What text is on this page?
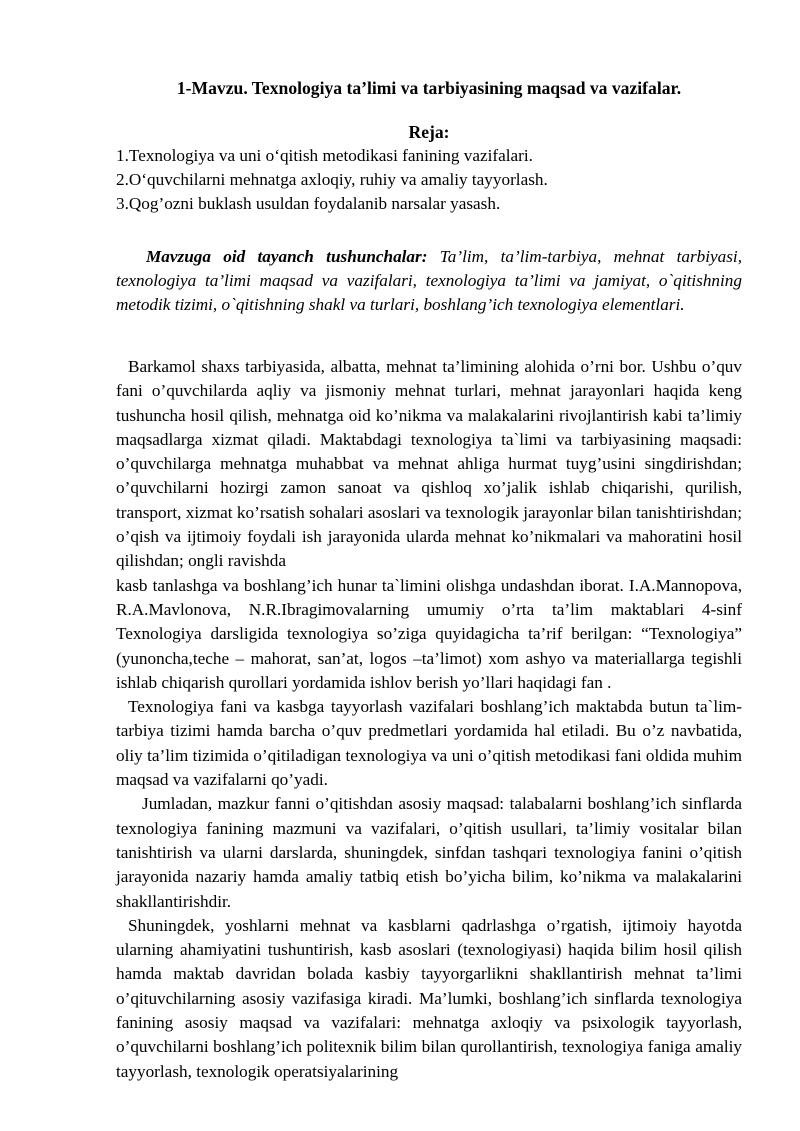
1-Mavzu. Texnologiya ta’limi va tarbiyasining maqsad va vazifalar.
Reja:

1.Texnologiya va uni o‘qitish metodikasi fanining vazifalari.

2.O‘quvchilarni mehnatga axloqiy, ruhiy va amaliy tayyorlash.

3.Qog’ozni buklash usuldan foydalanib narsalar yasash.

Mavzuga oid tayanch tushunchalar: Ta’lim, ta’lim-tarbiya, mehnat tarbiyasi, texnologiya ta’limi maqsad va vazifalari, texnologiya ta’limi va jamiyat, o`qitishning metodik tizimi, o`qitishning shakl va turlari, boshlang’ich texnologiya elementlari.

Barkamol shaxs tarbiyasida, albatta, mehnat ta’limining alohida o’rni bor. Ushbu o’quv fani o’quvchilarda aqliy va jismoniy mehnat turlari, mehnat jarayonlari haqida keng tushuncha hosil qilish, mehnatga oid ko’nikma va malakalarini rivojlantirish kabi ta’limiy maqsadlarga xizmat qiladi. Maktabdagi texnologiya ta`limi va tarbiyasining maqsadi: o’quvchilarga mehnatga muhabbat va mehnat ahliga hurmat tuyg’usini singdirishdan; o’quvchilarni hozirgi zamon sanoat va qishloq xo’jalik ishlab chiqarishi, qurilish, transport, xizmat ko’rsatish sohalari asoslari va texnologik jarayonlar bilan tanishtirishdan; o’qish va ijtimoiy foydali ish jarayonida ularda mehnat ko’nikmalari va mahoratini hosil qilishdan; ongli ravishda

kasb tanlashga va boshlang’ich hunar ta`limini olishga undashdan iborat. I.A.Mannopova, R.A.Mavlonova, N.R.Ibragimovalarning umumiy o’rta ta’lim maktablari 4-sinf Texnologiya darsligida texnologiya so’ziga quyidagicha ta’rif berilgan: “Texnologiya” (yunoncha,teche – mahorat, san’at, logos –ta’limot) xom ashyo va materiallarga tegishli ishlab chiqarish qurollari yordamida ishlov berish yo’llari haqidagi fan .

Texnologiya fani va kasbga tayyorlash vazifalari boshlang’ich maktabda butun ta`lim-tarbiya tizimi hamda barcha o’quv predmetlari yordamida hal etiladi. Bu o’z navbatida, oliy ta’lim tizimida o’qitiladigan texnologiya va uni o’qitish metodikasi fani oldida muhim maqsad va vazifalarni qo’yadi.

Jumladan, mazkur fanni o’qitishdan asosiy maqsad: talabalarni boshlang’ich sinflarda texnologiya fanining mazmuni va vazifalari, o’qitish usullari, ta’limiy vositalar bilan tanishtirish va ularni darslarda, shuningdek, sinfdan tashqari texnologiya fanini o’qitish jarayonida nazariy hamda amaliy tatbiq etish bo’yicha bilim, ko’nikma va malakalarini shakllantirishdir.

Shuningdek, yoshlarni mehnat va kasblarni qadrlashga o’rgatish, ijtimoiy hayotda ularning ahamiyatini tushuntirish, kasb asoslari (texnologiyasi) haqida bilim hosil qilish hamda maktab davridan bolada kasbiy tayyorgarlikni shakllantirish mehnat ta’limi o’qituvchilarning asosiy vazifasiga kiradi. Ma’lumki, boshlang’ich sinflarda texnologiya fanining asosiy maqsad va vazifalari: mehnatga axloqiy va psixologik tayyorlash, o’quvchilarni boshlang’ich politexnik bilim bilan qurollantirish, texnologiya faniga amaliy tayyorlash, texnologik operatsiyalarining
